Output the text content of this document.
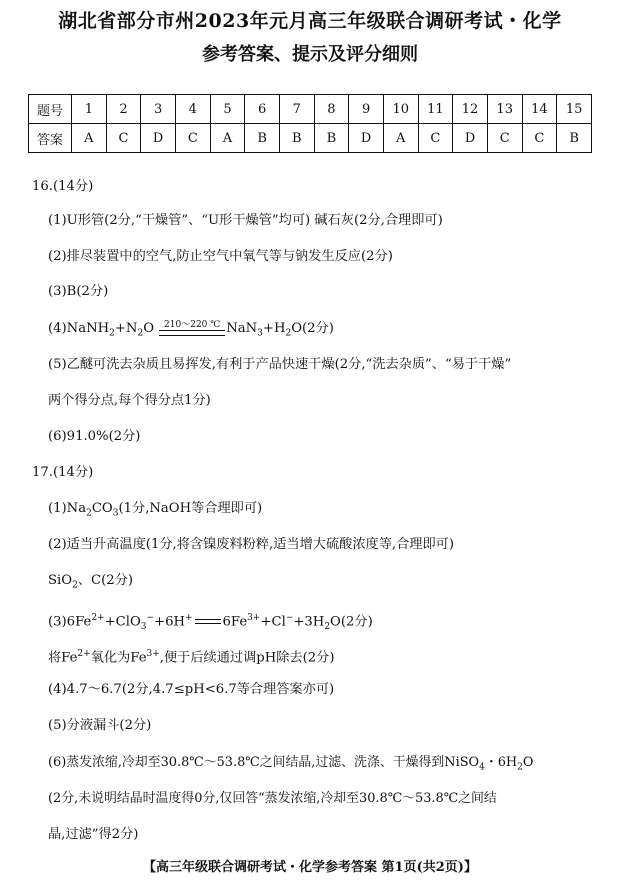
湖北省部分市州2023年元月高三年级联合调研考试・化学
参考答案、提示及评分细则
题号	1	2	3	4	5	6	7	8	9	10	11	12	13	14	15
答案	A	C	D	C	A	B	B	B	D	A	C	D	C	C	B
16.(14分)
(1)U形管(2分,“干燥管”、“U形干燥管”均可) 碱石灰(2分,合理即可)
(2)排尽装置中的空气,防止空气中氧气等与钠发生反应(2分)
(3)B(2分)
$(4)NaNH_2+N_2O$	210～220 ℃ $NaN_3+H_2O(2$分)
(5)乙醚可洗去杂质且易挥发,有利于产品快速干燥(2分,“洗去杂质”、“易于干燥”
两个得分点,每个得分点1分)
(6)91.0%(2分)
17.(14分)
$(1)Na_2CO_3(1$分,NaOH等合理即可)
(2)适当升高温度(1分,将含镍废料粉粹,适当增大硫酸浓度等,合理即可)
SiO$_2$、C(2分)
$(3)6Fe^{2+}+ClO_3^-+6H^+$ $6Fe^{3+}+Cl^-+3H_2O(2$分)
将$Fe^{2+}$氧化为$Fe^{3+}$,便于后续通过调pH除去(2分)
(4)4.7～6.7(2分,4.7≤pH<6.7等合理答案亦可)
(5)分液漏斗(2分)
(6)蒸发浓缩,冷却至30.8℃～53.8℃之间结晶,过滤、洗涤、干燥得到NiSO$_4$・$6H_2O$
(2分,未说明结晶时温度得0分,仅回答“蒸发浓缩,冷却至30.8℃～53.8℃之间结
晶,过滤”得2分)
【高三年级联合调研考试・化学参考答案 第1页(共2页)】
